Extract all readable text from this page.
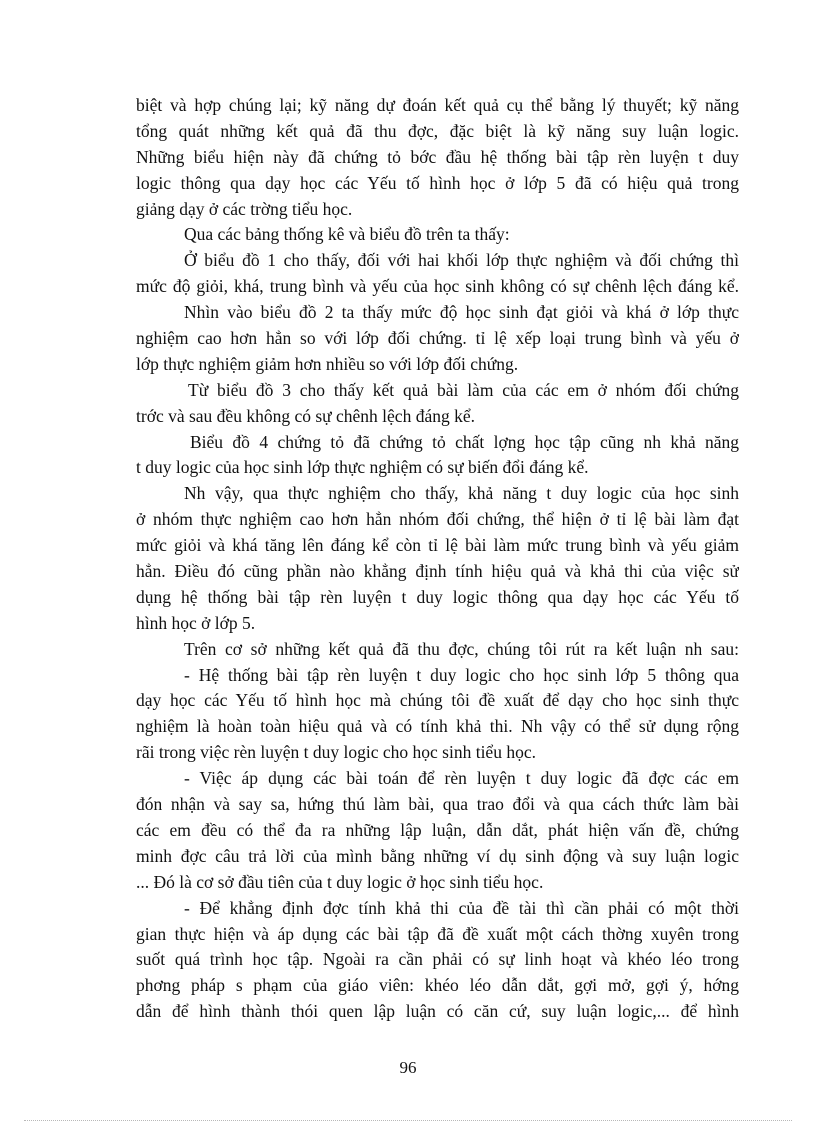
biệt và hợp chúng lại; kỹ năng dự đoán kết quả cụ thể bằng lý thuyết; kỹ năng
tổng quát những kết quả đã thu đợc, đặc biệt là kỹ năng suy luận logic.
Những biểu hiện này đã chứng tỏ bớc đầu hệ thống bài tập rèn luyện t duy
logic thông qua dạy học các Yếu tố hình học ở lớp 5 đã có hiệu quả trong
giảng dạy ở các trờng tiểu học.
Qua các bảng thống kê và biểu đồ trên ta thấy:
Ở biểu đồ 1 cho thấy, đối với hai khối lớp thực nghiệm và đối chứng thì
mức độ giỏi, khá, trung bình và yếu của học sinh không có sự chênh lệch đáng kể.
Nhìn vào biểu đồ 2 ta thấy mức độ học sinh đạt giỏi và khá ở lớp thực
nghiệm cao hơn hẳn so với lớp đối chứng. tỉ lệ xếp loại trung bình và yếu ở
lớp thực nghiệm giảm hơn nhiều so với lớp đối chứng.
Từ biểu đồ 3 cho thấy kết quả bài làm của các em ở nhóm đối chứng
trớc và sau đều không có sự chênh lệch đáng kể.
Biểu đồ 4 chứng tỏ đã chứng tỏ chất lợng học tập cũng nh khả năng
t duy logic của học sinh lớp thực nghiệm có sự biến đổi đáng kể.
Nh vậy, qua thực nghiệm cho thấy, khả năng t duy logic của học sinh
ở nhóm thực nghiệm cao hơn hẳn nhóm đối chứng, thể hiện ở tỉ lệ bài làm đạt
mức giỏi và khá tăng lên đáng kể còn tỉ lệ bài làm mức trung bình và yếu giảm
hẳn. Điều đó cũng phần nào khẳng định tính hiệu quả và khả thi của việc sử
dụng hệ thống bài tập rèn luyện t duy logic thông qua dạy học các Yếu tố
hình học ở lớp 5.
Trên cơ sở những kết quả đã thu đợc, chúng tôi rút ra kết luận nh sau:
- Hệ thống bài tập rèn luyện t duy logic cho học sinh lớp 5 thông qua
dạy học các Yếu tố hình học mà chúng tôi đề xuất để dạy cho học sinh thực
nghiệm là hoàn toàn hiệu quả và có tính khả thi. Nh vậy có thể sử dụng rộng
rãi trong việc rèn luyện t duy logic cho học sinh tiểu học.
- Việc áp dụng các bài toán để rèn luyện t duy logic đã đợc các em
đón nhận và say sa, hứng thú làm bài, qua trao đổi và qua cách thức làm bài
các em đều có thể đa ra những lập luận, dẫn dắt, phát hiện vấn đề, chứng
minh đợc câu trả lời của mình bằng những ví dụ sinh động và suy luận logic
... Đó là cơ sở đầu tiên của t duy logic ở học sinh tiểu học.
- Để khẳng định đợc tính khả thi của đề tài thì cần phải có một thời
gian thực hiện và áp dụng các bài tập đã đề xuất một cách thờng xuyên trong
suốt quá trình học tập. Ngoài ra cần phải có sự linh hoạt và khéo léo trong
phơng pháp s phạm của giáo viên: khéo léo dẫn dắt, gợi mở, gợi ý, hớng
dẫn để hình thành thói quen lập luận có căn cứ, suy luận logic,... để hình
96
